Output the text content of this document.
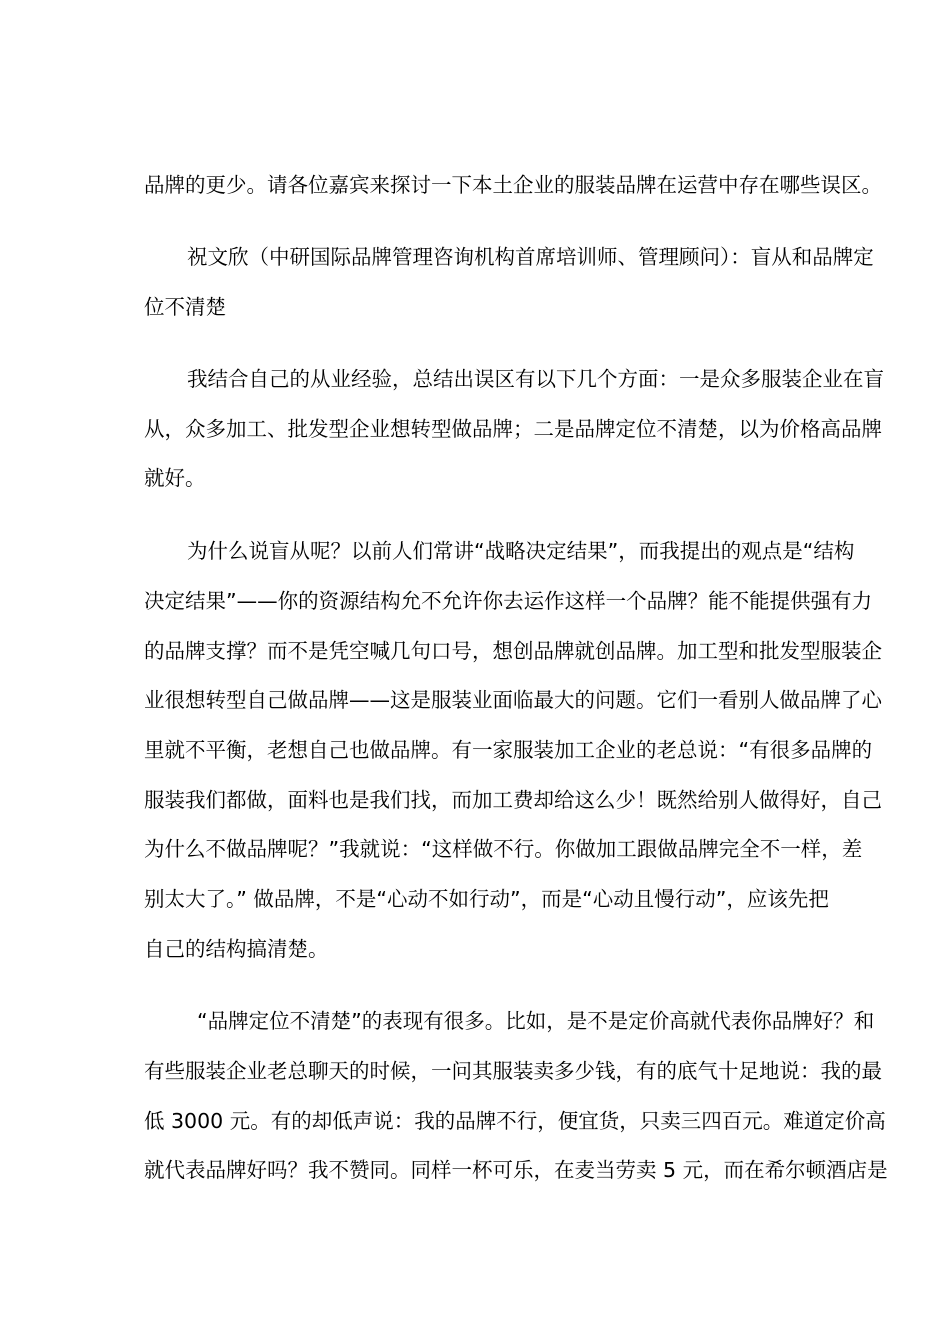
品牌的更少。请各位嘉宾来探讨一下本土企业的服装品牌在运营中存在哪些误区。
祝文欣（中研国际品牌管理咨询机构首席培训师、管理顾问）：盲从和品牌定
位不清楚
我结合自己的从业经验，总结出误区有以下几个方面：一是众多服装企业在盲
从，众多加工、批发型企业想转型做品牌；二是品牌定位不清楚，以为价格高品牌
就好。
为什么说盲从呢？以前人们常讲“战略决定结果”，而我提出的观点是“结构
决定结果”——你的资源结构允不允许你去运作这样一个品牌？能不能提供强有力
的品牌支撑？而不是凭空喊几句口号，想创品牌就创品牌。加工型和批发型服装企
业很想转型自己做品牌——这是服装业面临最大的问题。它们一看别人做品牌了心
里就不平衡，老想自己也做品牌。有一家服装加工企业的老总说：“有很多品牌的
服装我们都做，面料也是我们找，而加工费却给这么少！既然给别人做得好，自己
为什么不做品牌呢？”我就说：“这样做不行。你做加工跟做品牌完全不一样，差
别太大了。” 做品牌，不是“心动不如行动”，而是“心动且慢行动”，应该先把
自己的结构搞清楚。
“品牌定位不清楚”的表现有很多。比如，是不是定价高就代表你品牌好？和
有些服装企业老总聊天的时候，一问其服装卖多少钱，有的底气十足地说：我的最
低 3000 元。有的却低声说：我的品牌不行，便宜货，只卖三四百元。难道定价高
就代表品牌好吗？我不赞同。同样一杯可乐，在麦当劳卖 5 元，而在希尔顿酒店是
